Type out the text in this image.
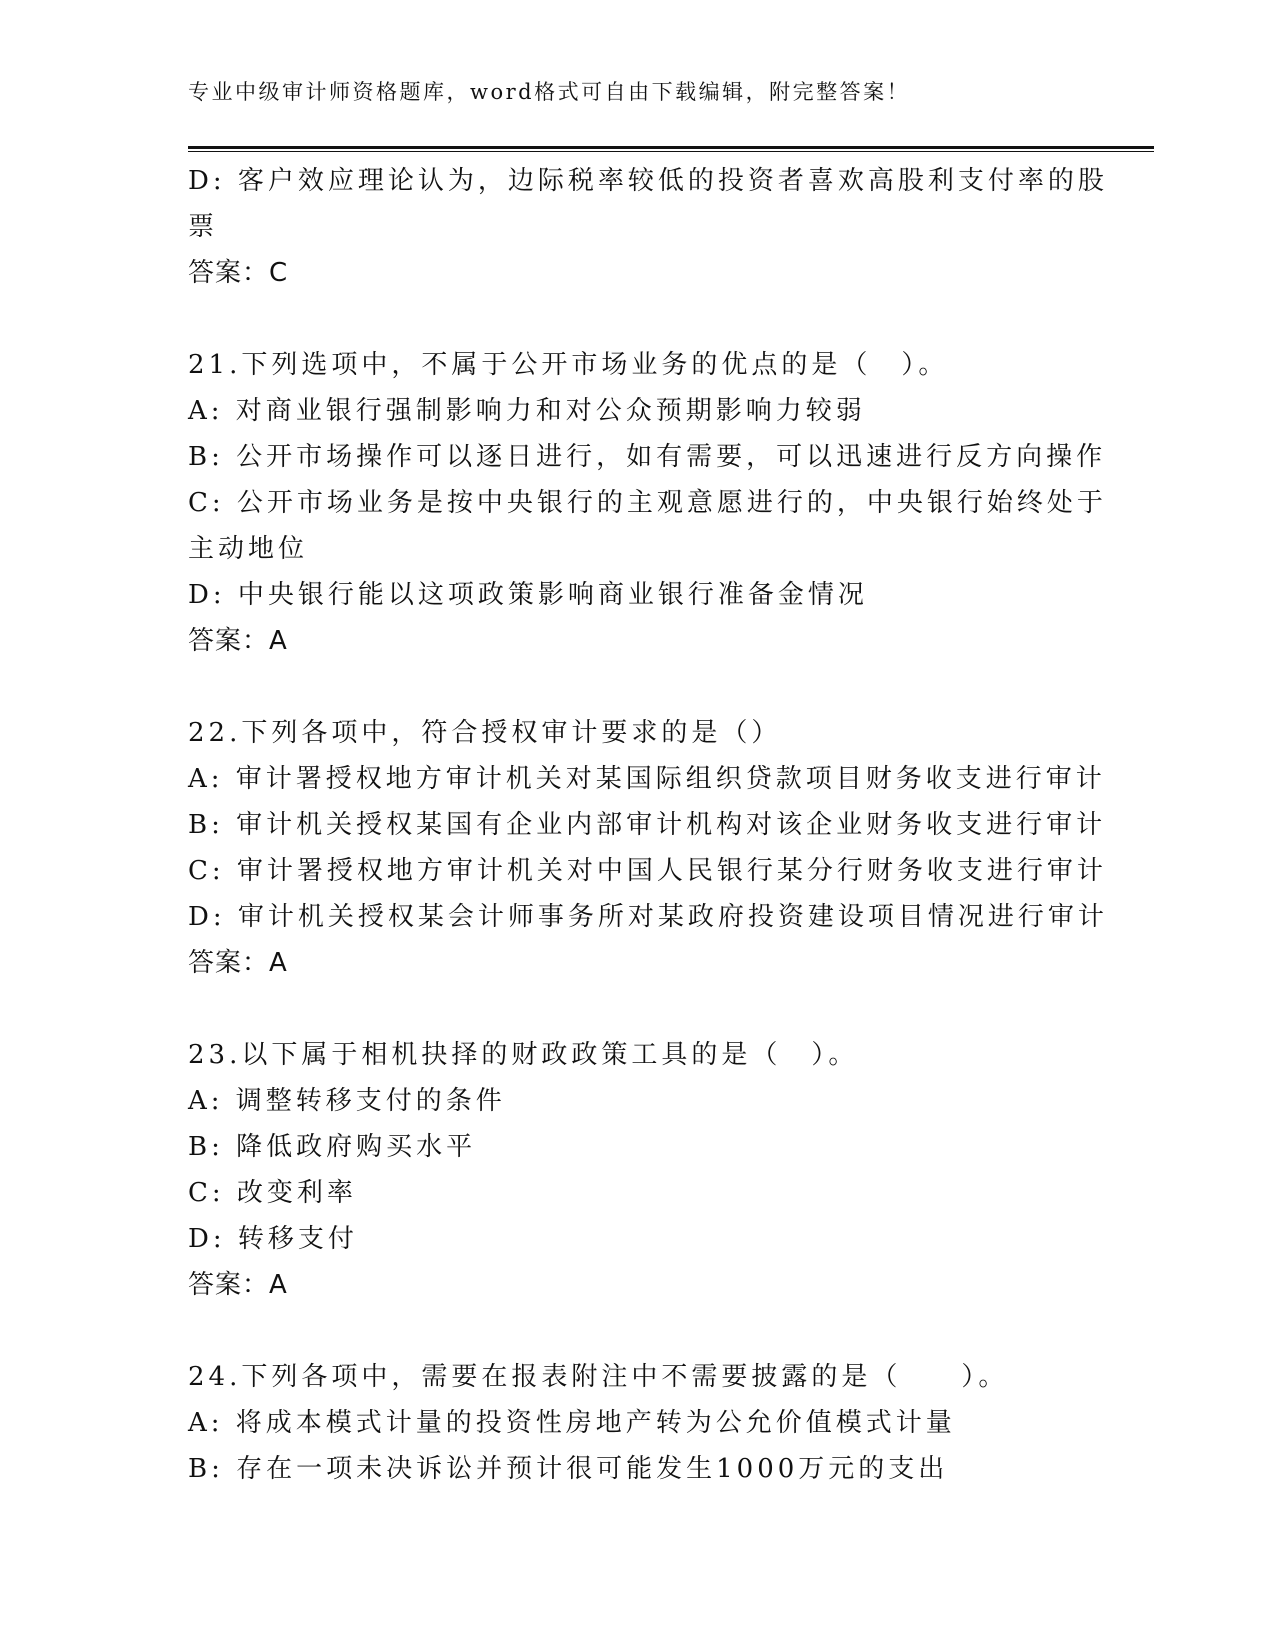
专业中级审计师资格题库，word格式可自由下载编辑，附完整答案！
D: 客户效应理论认为，边际税率较低的投资者喜欢高股利支付率的股
票
答案：C
21.下列选项中，不属于公开市场业务的优点的是（　）。
A: 对商业银行强制影响力和对公众预期影响力较弱
B: 公开市场操作可以逐日进行，如有需要，可以迅速进行反方向操作
C: 公开市场业务是按中央银行的主观意愿进行的，中央银行始终处于
主动地位
D: 中央银行能以这项政策影响商业银行准备金情况
答案：A
22.下列各项中，符合授权审计要求的是（）
A: 审计署授权地方审计机关对某国际组织贷款项目财务收支进行审计
B: 审计机关授权某国有企业内部审计机构对该企业财务收支进行审计
C: 审计署授权地方审计机关对中国人民银行某分行财务收支进行审计
D: 审计机关授权某会计师事务所对某政府投资建设项目情况进行审计
答案：A
23.以下属于相机抉择的财政政策工具的是（　）。
A: 调整转移支付的条件
B: 降低政府购买水平
C: 改变利率
D: 转移支付
答案：A
24.下列各项中，需要在报表附注中不需要披露的是（　　）。
A: 将成本模式计量的投资性房地产转为公允价值模式计量
B: 存在一项未决诉讼并预计很可能发生1000万元的支出
